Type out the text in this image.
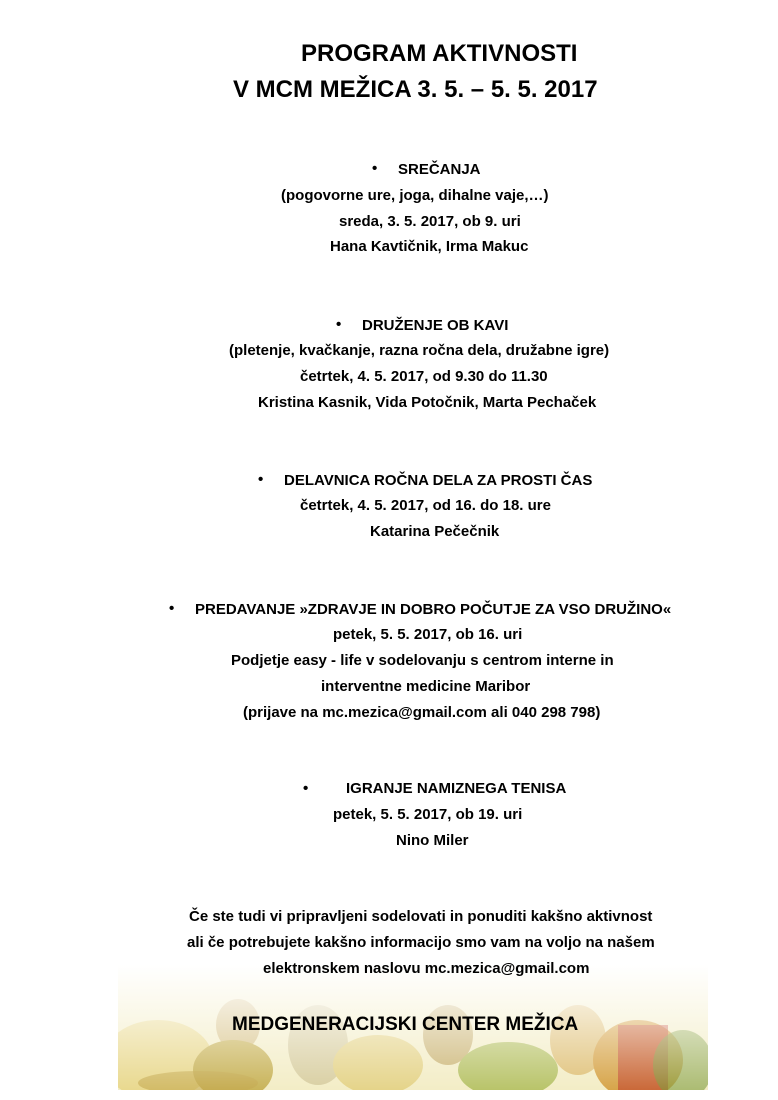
PROGRAM AKTIVNOSTI
V MCM MEŽICA 3. 5. – 5. 5. 2017
• SREČANJA
(pogovorne ure, joga, dihalne vaje,…)
sreda, 3. 5. 2017, ob 9. uri
Hana Kavtičnik, Irma Makuc
• DRUŽENJE OB KAVI
(pletenje, kvačkanje, razna ročna dela, družabne igre)
četrtek, 4. 5. 2017, od 9.30 do 11.30
Kristina Kasnik, Vida Potočnik, Marta Pechaček
• DELAVNICA ROČNA DELA ZA PROSTI ČAS
četrtek, 4. 5. 2017, od 16. do 18. ure
Katarina Pečečnik
• PREDAVANJE »ZDRAVJE IN DOBRO POČUTJE ZA VSO DRUŽINO«
petek, 5. 5. 2017, ob 16. uri
Podjetje easy - life v sodelovanju s centrom interne in
interventne medicine Maribor
(prijave na mc.mezica@gmail.com ali 040 298 798)
•	IGRANJE NAMIZNEGA TENISA
petek, 5. 5. 2017, ob 19. uri
Nino Miler
Če ste tudi vi pripravljeni sodelovati in ponuditi kakšno aktivnost
ali če potrebujete kakšno informacijo smo vam na voljo na našem
elektronskem naslovu mc.mezica@gmail.com
MEDGENERACIJSKI CENTER MEŽICA
